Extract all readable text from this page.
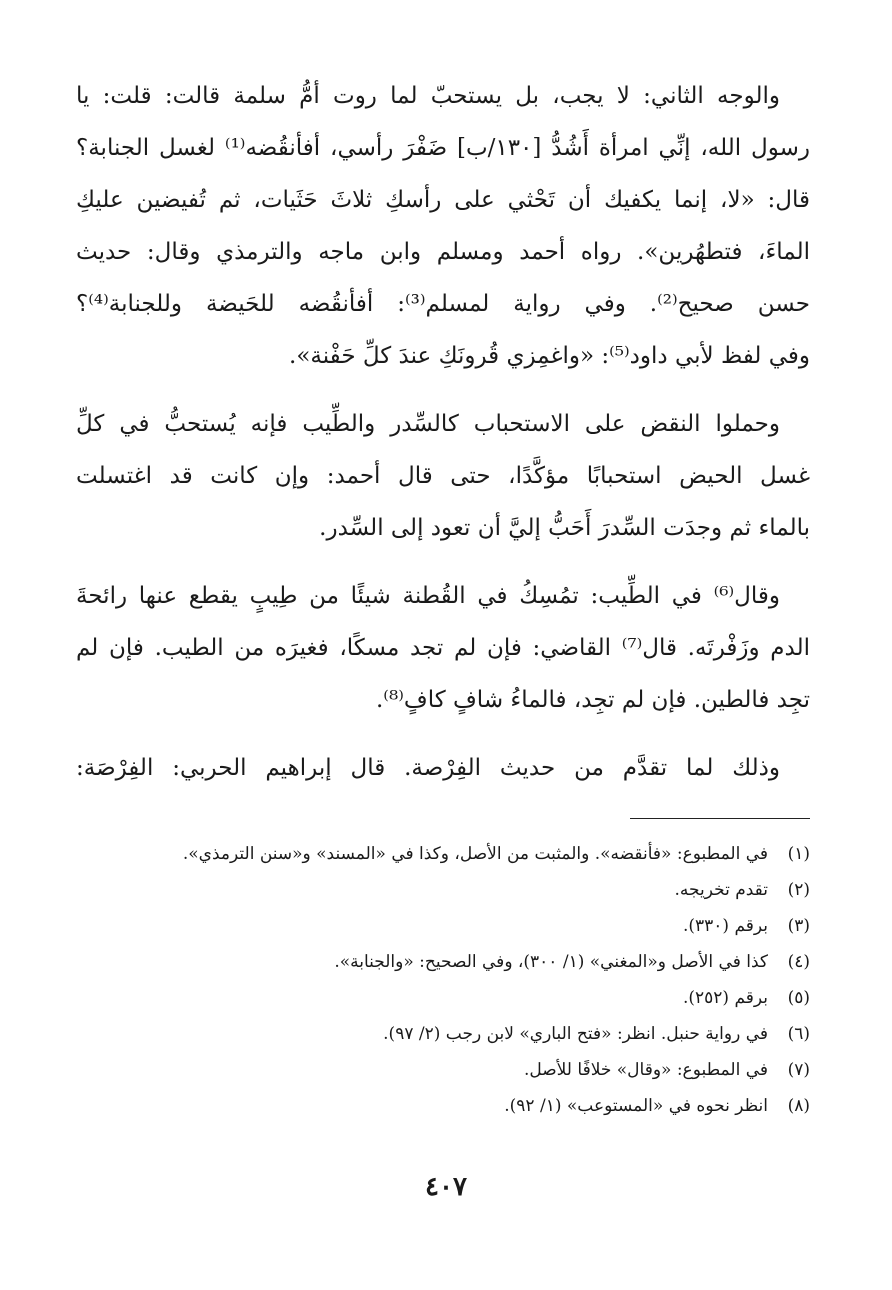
والوجه الثاني: لا يجب، بل يستحبّ لما روت أمُّ سلمة قالت: قلت: يا
رسول الله، إنِّي امرأة أَشُدُّ [١٣٠/ب] ضَفْرَ رأسي، أفأنقُضه⁽¹⁾ لغسل الجنابة؟
قال: «لا، إنما يكفيك أن تَحْثي على رأسكِ ثلاثَ حَثَيات، ثم تُفيضين عليكِ
الماءَ، فتطهُرين». رواه أحمد ومسلم وابن ماجه والترمذي وقال: حديث
حسن صحيح⁽²⁾. وفي رواية لمسلم⁽³⁾: أفأنقُضه للحَيضة وللجنابة⁽⁴⁾؟
وفي لفظ لأبي داود⁽⁵⁾: «واغمِزي قُرونَكِ عندَ كلِّ حَفْنة».
وحملوا النقض على الاستحباب كالسِّدر والطِّيب فإنه يُستحبُّ في كلِّ
غسل الحيض استحبابًا مؤكَّدًا، حتى قال أحمد: وإن كانت قد اغتسلت
بالماء ثم وجدَت السِّدرَ أَحَبُّ إليَّ أن تعود إلى السِّدر.
وقال⁽⁶⁾ في الطِّيب: تمُسِكُ في القُطنة شيئًا من طِيبٍ يقطع عنها رائحةَ
الدم وزَفْرتَه. قال⁽⁷⁾ القاضي: فإن لم تجد مسكًا، فغيرَه من الطيب. فإن لم
تجِد فالطين. فإن لم تجِد، فالماءُ شافٍ كافٍ⁽⁸⁾.
وذلك لما تقدَّم من حديث الفِرْصة. قال إبراهيم الحربي: الفِرْصَة:
(١)
في المطبوع: «فأنقضه». والمثبت من الأصل، وكذا في «المسند» و«سنن الترمذي».
(٢)
تقدم تخريجه.
(٣)
برقم (٣٣٠).
(٤)
كذا في الأصل و«المغني» (١/ ٣٠٠)، وفي الصحيح: «والجنابة».
(٥)
برقم (٢٥٢).
(٦)
في رواية حنبل. انظر: «فتح الباري» لابن رجب (٢/ ٩٧).
(٧)
في المطبوع: «وقال» خلافًا للأصل.
(٨)
انظر نحوه في «المستوعب» (١/ ٩٢).
٤٠٧
